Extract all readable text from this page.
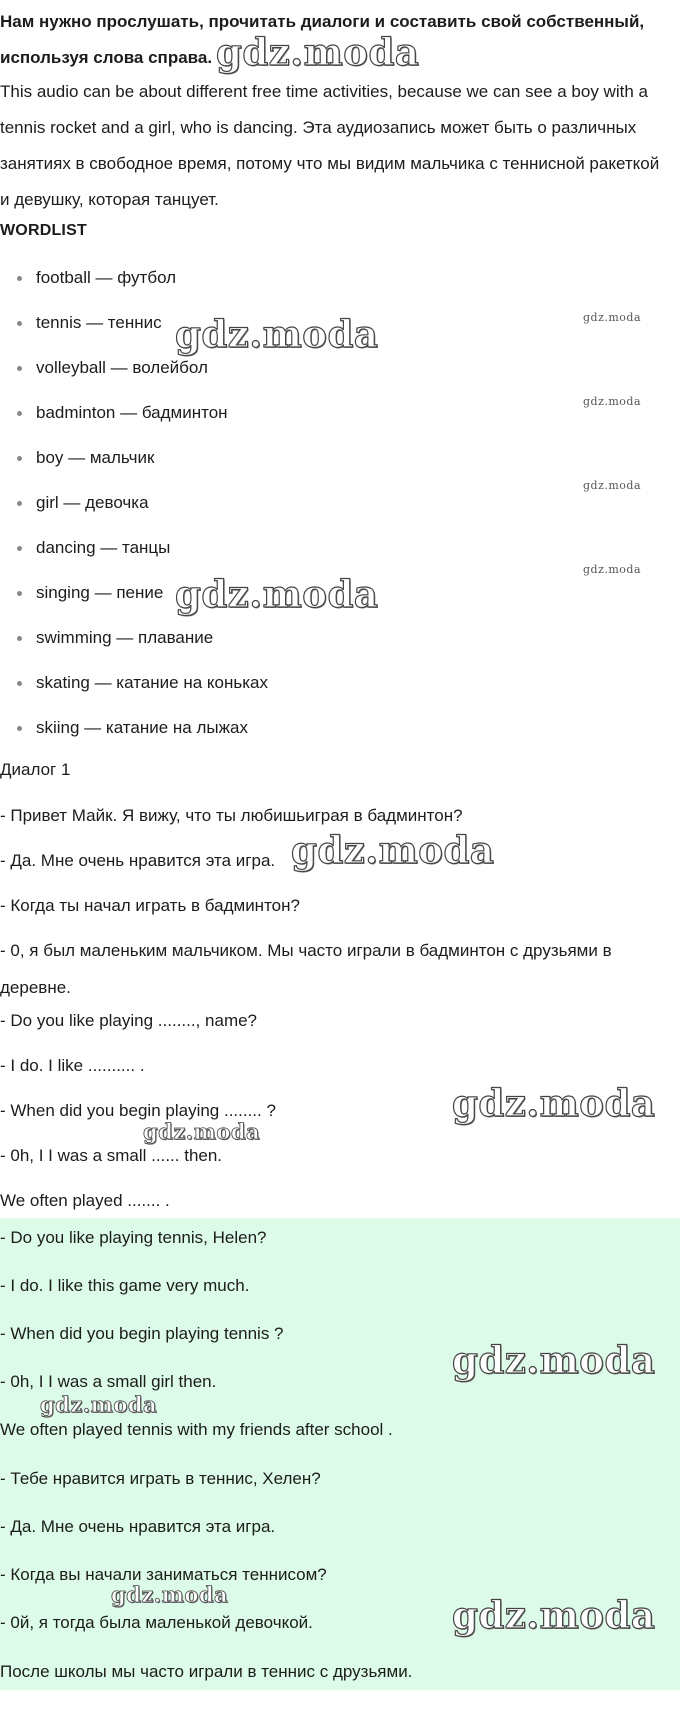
Нам нужно прослушать, прочитать диалоги и составить свой собственный, используя слова справа.

This audio can be about different free time activities, because we can see a boy with a tennis rocket and a girl, who is dancing. Эта аудиозапись может быть о различных занятиях в свободное время, потому что мы видим мальчика с теннисной ракеткой и девушку, которая танцует.

WORDLIST
football — футбол
tennis — теннис
volleyball — волейбол
badminton — бадминтон
boy — мальчик
girl — девочка
dancing — танцы
singing — пение
swimming — плавание
skating — катание на коньках
skiing — катание на лыжах
Диалог 1
- Привет Майк. Я вижу, что ты любишьиграя в бадминтон?
- Да. Мне очень нравится эта игра.
- Когда ты начал играть в бадминтон?
- 0, я был маленьким мальчиком. Мы часто играли в бадминтон с друзьями в деревне.
- Do you like playing ........, name?
- I do. I like .......... .
- When did you begin playing ........ ?
- 0h, I I was a small ...... then.
We often played ....... .
- Do you like playing tennis, Helen?
- I do. I like this game very much.
- When did you begin playing tennis ?
- 0h, I I was a small girl then.
We often played tennis with my friends after school .
- Тебе нравится играть в теннис, Хелен?
- Да. Мне очень нравится эта игра.
- Когда вы начали заниматься теннисом?
- 0й, я тогда была маленькой девочкой.
После школы мы часто играли в теннис с друзьями.
gdz.moda
gdz.moda
gdz.moda
gdz.moda
gdz.moda
gdz.moda
gdz.moda
gdz.moda
gdz.moda
gdz.moda
gdz.moda
gdz.moda
gdz.moda
gdz.moda
